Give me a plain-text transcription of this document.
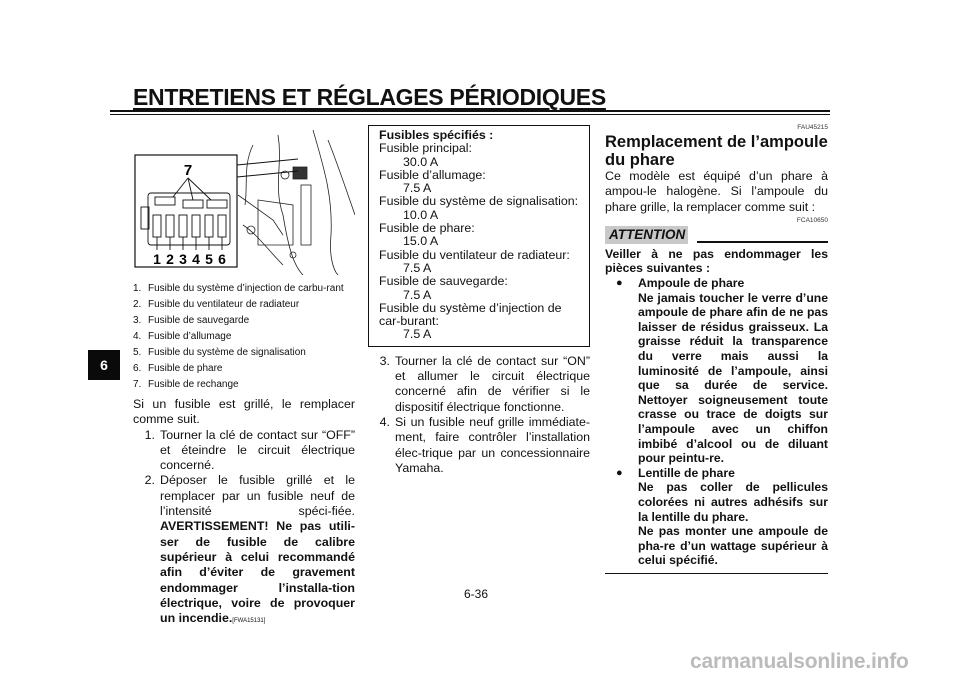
ENTRETIENS ET RÉGLAGES PÉRIODIQUES
6
7
1 2 3 4 5 6
1. Fusible du système d’injection de carbu-rant
2. Fusible du ventilateur de radiateur
3. Fusible de sauvegarde
4. Fusible d’allumage
5. Fusible du système de signalisation
6. Fusible de phare
7. Fusible de rechange
Si un fusible est grillé, le remplacer comme suit.
1. Tourner la clé de contact sur “OFF” et éteindre le circuit électrique concerné.
2. Déposer le fusible grillé et le remplacer par un fusible neuf de l’intensité spéci-fiée. AVERTISSEMENT! Ne pas utili-ser de fusible de calibre supérieur à celui recommandé afin d’éviter de gravement endommager l’installa-tion électrique, voire de provoquer un incendie.[FWA15131]
Fusibles spécifiés :
Fusible principal:
30.0 A
Fusible d’allumage:
7.5 A
Fusible du système de signalisation:
10.0 A
Fusible de phare:
15.0 A
Fusible du ventilateur de radiateur:
7.5 A
Fusible de sauvegarde:
7.5 A
Fusible du système d’injection de car-burant:
7.5 A
3. Tourner la clé de contact sur “ON” et allumer le circuit électrique concerné afin de vérifier si le dispositif électrique fonctionne.
4. Si un fusible neuf grille immédiate-ment, faire contrôler l’installation élec-trique par un concessionnaire Yamaha.
FAU45215
Remplacement de l’ampoule du phare
Ce modèle est équipé d’un phare à ampou-le halogène. Si l’ampoule du phare grille, la remplacer comme suit :
FCA10650
ATTENTION
Veiller à ne pas endommager les pièces suivantes :
●	Ampoule de phare
Ne jamais toucher le verre d’une ampoule de phare afin de ne pas laisser de résidus graisseux. La graisse réduit la transparence du verre mais aussi la luminosité de l’ampoule, ainsi que sa durée de service. Nettoyer soigneusement toute crasse ou trace de doigts sur l’ampoule avec un chiffon imbibé d’alcool ou de diluant pour peintu-re.
●	Lentille de phare
Ne pas coller de pellicules colorées ni autres adhésifs sur la lentille du phare.
Ne pas monter une ampoule de pha-re d’un wattage supérieur à celui spécifié.
6-36
carmanualsonline.info
